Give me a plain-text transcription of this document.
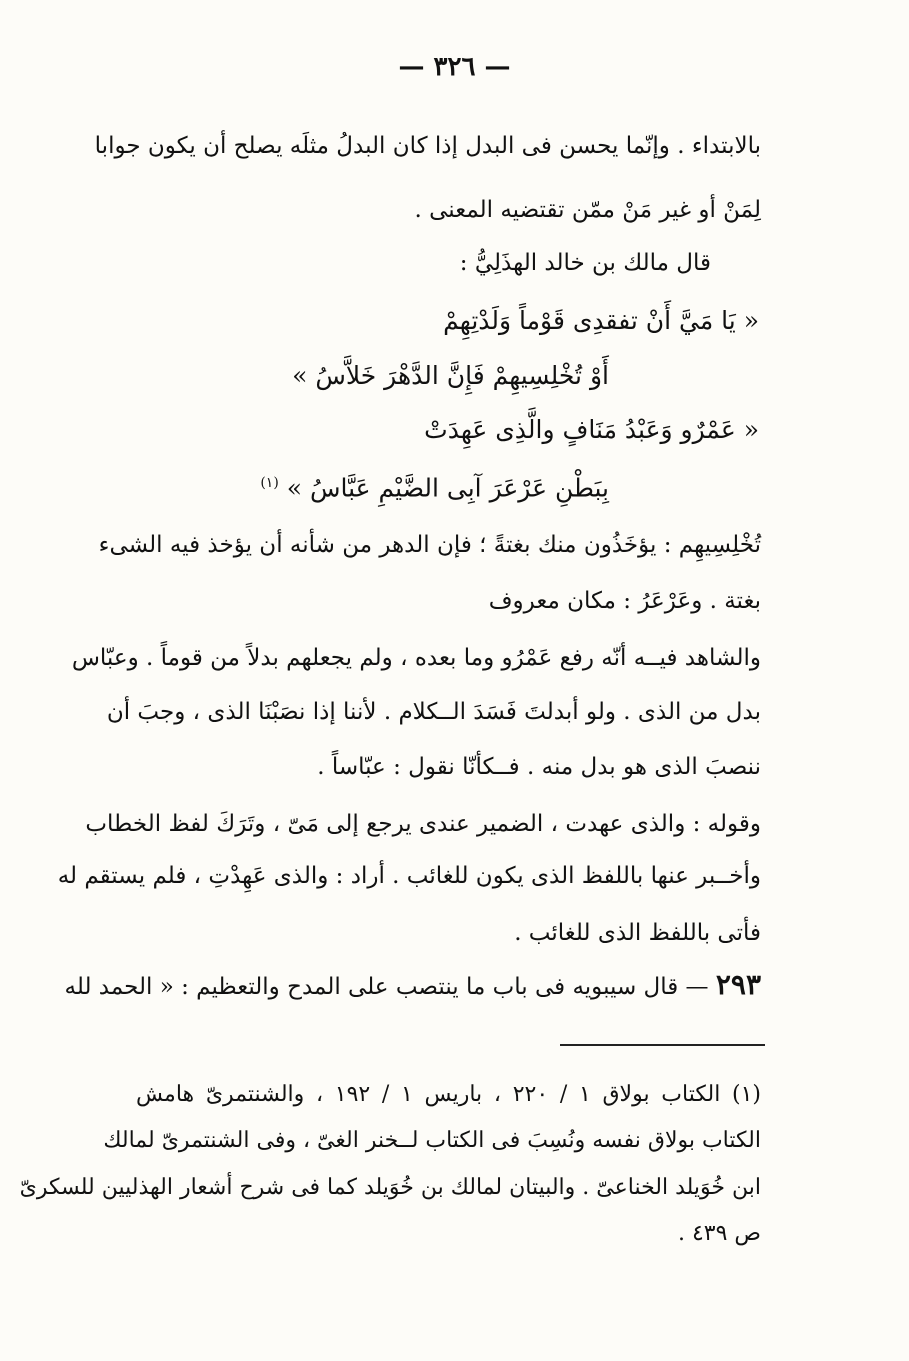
— ٣٢٦ —
بالابتداء . وإنّما يحسن فى البدل إذا كان البدلُ مثلَه يصلح أن يكون جوابا
لِمَنْ أو غير مَنْ ممّن تقتضيه المعنى .
قال مالك بن خالد الهذَلِيُّ :
« يَا مَيَّ أَنْ تفقدِى قَوْماً وَلَدْتِهِمْ
أَوْ تُخْلِسِيهِمْ فَإِنَّ الدَّهْرَ خَلاَّسُ »
« عَمْرٌو وَعَبْدُ مَنَافٍ والَّذِى عَهِدَتْ
بِبَطْنِ عَرْعَرَ آبِى الضَّيْمِ عَبَّاسُ » $^{(١)}$
تُخْلِسِيهِم : يؤخَذُون منك بغتةً ؛ فإن الدهر من شأنه أن يؤخذ فيه الشىء
بغتة . وعَرْعَرُ : مكان معروف
والشاهد فيــه أنّه رفع عَمْرُو وما بعده ، ولم يجعلهم بدلاً من قوماً . وعبّاس
بدل من الذى . ولو أبدلتَ فَسَدَ الــكلام . لأننا إذا نصَبْنَا الذى ، وجبَ أن
ننصبَ الذى هو بدل منه . فــكأنّا نقول : عبّاساً .
وقوله : والذى عهدت ، الضمير عندى يرجع إلى مَىّ ، وتَرَكَ لفظ الخطاب
وأخــبر عنها باللفظ الذى يكون للغائب . أراد : والذى عَهِدْتِ ، فلم يستقم له
فأتى باللفظ الذى للغائب .
٢٩٣ — قال سيبويه فى باب ما ينتصب على المدح والتعظيم : « الحمد لله
(١) الكتاب بولاق ١ / ٢٢٠ ، باريس ١ / ١٩٢ ، والشنتمرىّ هامش
الكتاب بولاق نفسه ونُسِبَ فى الكتاب لــخنر الغىّ ، وفى الشنتمرىّ لمالك
ابن خُوَيلد الخناعىّ . والبيتان لمالك بن خُوَيلد كما فى شرح أشعار الهذليين للسكرىّ
ص ٤٣٩ .
